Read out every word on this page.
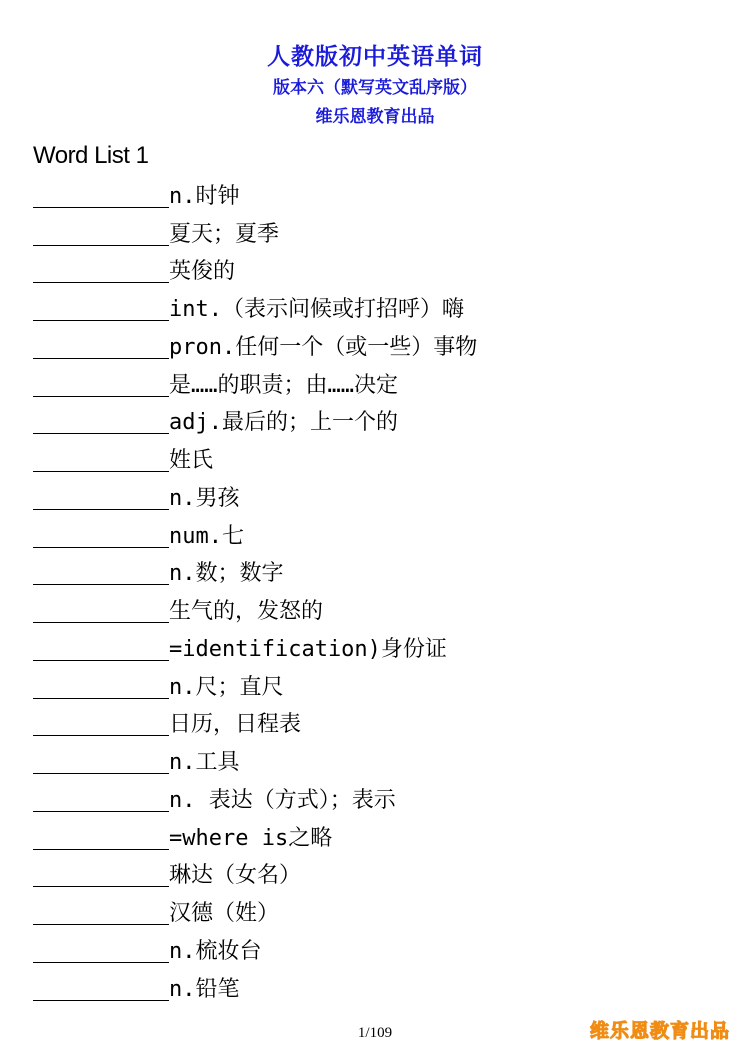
人教版初中英语单词
版本六（默写英文乱序版）
维乐恩教育出品
Word List 1
n.时钟
夏天；夏季
英俊的
int.（表示问候或打招呼）嗨
pron.任何一个（或一些）事物
是……的职责；由……决定
adj.最后的；上一个的
姓氏
n.男孩
num.七
n.数；数字
生气的，发怒的
=identification)身份证
n.尺；直尺
日历，日程表
n.工具
n. 表达（方式）；表示
=where is之略
琳达（女名）
汉德（姓）
n.梳妆台
n.铅笔
1/109	维乐恩教育出品
